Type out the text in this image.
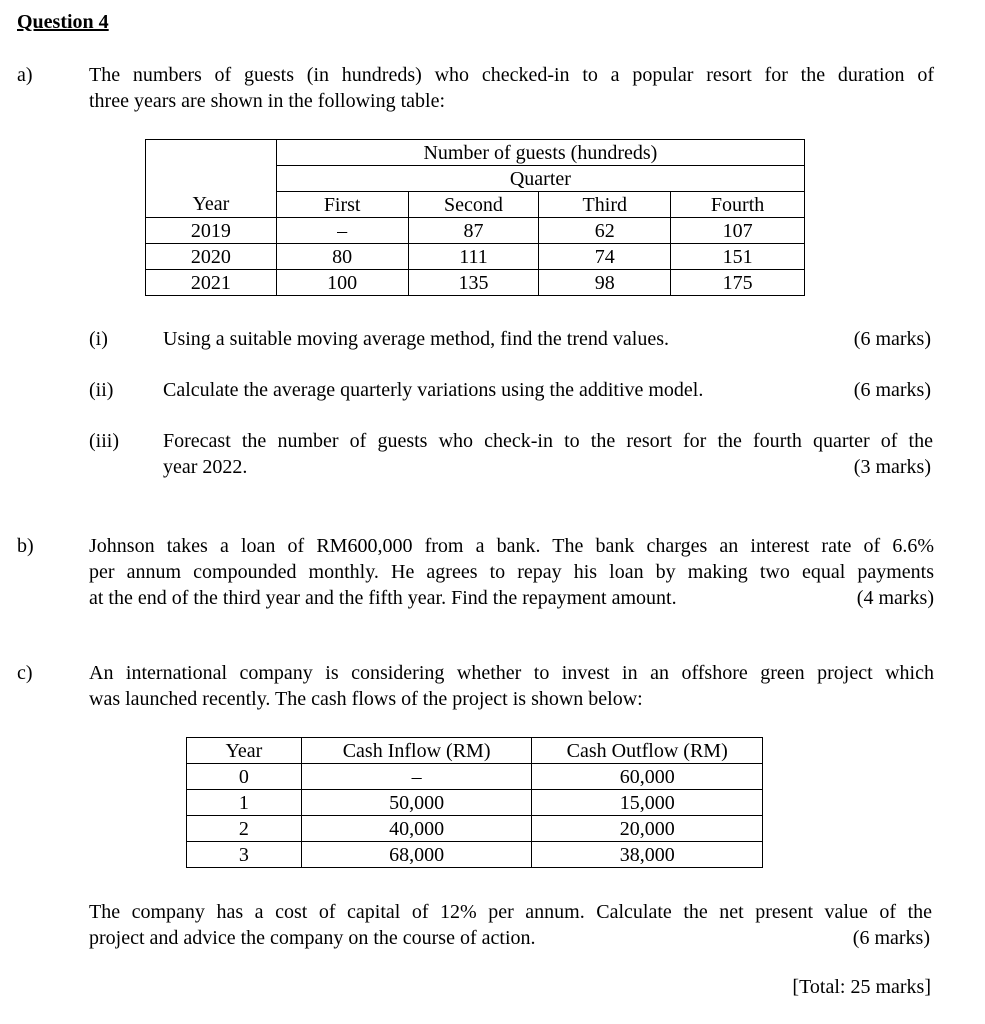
Question 4
a)	The numbers of guests (in hundreds) who checked-in to a popular resort for the duration of
three years are shown in the following table:
	Number of guests (hundreds)			
	Quarter			
Year	First	Second	Third	Fourth
2019	–	87	62	107
2020	80	111	74	151
2021	100	135	98	175
(i)	Using a suitable moving average method, find the trend values.	(6 marks)
(ii) Calculate the average quarterly variations using the additive model.	(6 marks)
(iii) Forecast the number of guests who check-in to the resort for the fourth quarter of the
year 2022.	(3 marks)
b)	Johnson takes a loan of RM600,000 from a bank. The bank charges an interest rate of 6.6%
per annum compounded monthly. He agrees to repay his loan by making two equal payments
at the end of the third year and the fifth year. Find the repayment amount.	(4 marks)
c)	An international company is considering whether to invest in an offshore green project which
was launched recently. The cash flows of the project is shown below:
Year	Cash Inflow (RM)	Cash Outflow (RM)
0	–	60,000
1	50,000	15,000
2	40,000	20,000
3	68,000	38,000
The company has a cost of capital of 12% per annum. Calculate the net present value of the
project and advice the company on the course of action.	(6 marks)
[Total: 25 marks]
